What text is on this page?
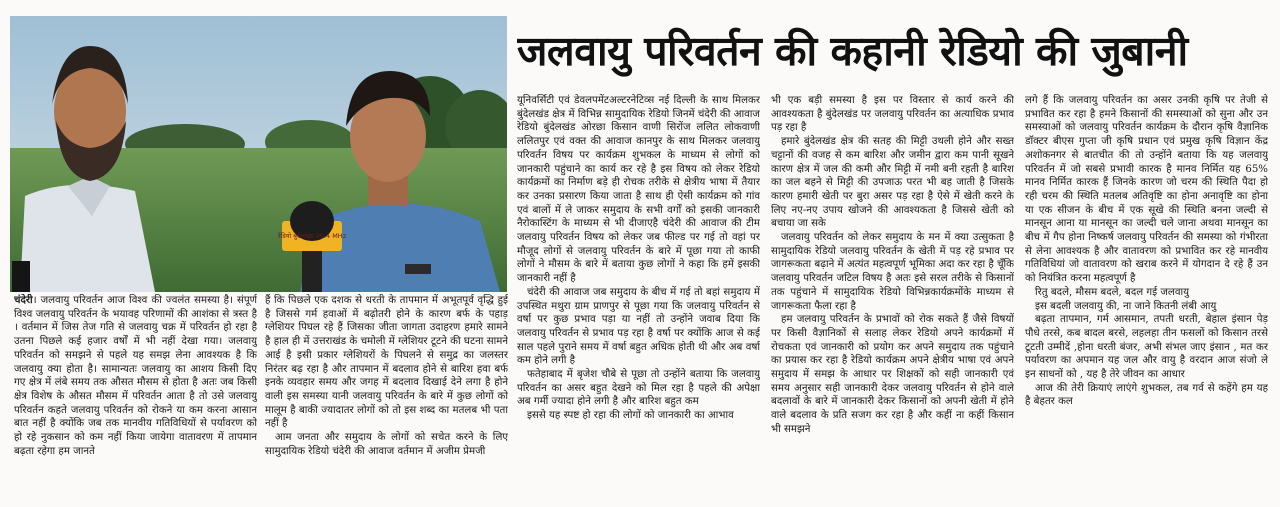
रेडियो बुंदेलखंड 90.4 MHz
जलवायु परिवर्तन की कहानी रेडियो की जुबानी

चंदेरी। जलवायु परिवर्तन आज विश्व की ज्वलंत समस्या है। संपूर्ण विश्व जलवायु परिवर्तन के भयावह परिणामों की आशंका से त्रस्त है । वर्तमान में जिस तेज गति से जलवायु चक्र में परिवर्तन हो रहा है उतना पिछले कई हजार वर्षों में भी नहीं देखा गया। जलवायु परिवर्तन को समझने से पहले यह समझ लेना आवश्यक है कि जलवायु क्या होता है। सामान्यतः जलवायु का आशय किसी दिए गए क्षेत्र में लंबे समय तक औसत मौसम से होता है अतः जब किसी क्षेत्र विशेष के औसत मौसम में परिवर्तन आता है तो उसे जलवायु परिवर्तन कहते जलवायु परिवर्तन को रोकने या कम करना आसान बात नहीं है क्योंकि जब तक मानवीय गतिविधियों से पर्यावरण को हो रहे नुकसान को कम नहीं किया जायेगा वातावरण में तापमान बढ़ता रहेगा हम जानते

हैं कि पिछले एक दशक से धरती के तापमान में अभूतपूर्व वृद्धि हुई है जिससे गर्म हवाओं में बढ़ोतरी होने के कारण बर्फ के पहाड़ ग्लेशियर पिघल रहे हैं जिसका जीता जागता उदाहरण हमारे सामने है हाल ही में उत्तराखंड के चमोली में ग्लेशियर टूटने की घटना सामने आई है इसी प्रकार ग्लेशियरों के पिघलने से समुद्र का जलस्तर निरंतर बढ़ रहा है और तापमान में बदलाव होने से बारिश हवा बर्फ इनके व्यवहार समय और जगह में बदलाव दिखाई देने लगा है होने वाली इस समस्या यानी जलवायु परिवर्तन के बारे में कुछ लोगों को मालूम है बाकी ज्यादातर लोगों को तो इस शब्द का मतलब भी पता नहीं है

आम जनता और समुदाय के लोगों को सचेत करने के लिए सामुदायिक रेडियो चंदेरी की आवाज वर्तमान में अजीम प्रेमजी

यूनिवर्सिटी एवं डेवलपमेंटअल्टरनेटिव्स नई दिल्ली के साथ मिलकर बुंदेलखंड क्षेत्र में विभिन्न सामुदायिक रेडियो जिनमें चंदेरी की आवाज रेडियो बुंदेलखंड ओरछा किसान वाणी सिरोंज ललित लोकवाणी ललितपुर एवं वक्त की आवाज कानपुर के साथ मिलकर जलवायु परिवर्तन विषय पर कार्यक्रम शुभकल के माध्यम से लोगों को जानकारी पहुंचाने का कार्य कर रहे है इस विषय को लेकर रेडियो कार्यक्रमों का निर्माण बड़े ही रोचक तरीके से क्षेत्रीय भाषा में तैयार कर उनका प्रसारण किया जाता है साथ ही ऐसी कार्यक्रम को गांव एवं बालों में ले जाकर समुदाय के सभी वर्गों को इसकी जानकारी नैरोकास्टिंग के माध्यम से भी दीजाएहै चंदेरी की आवाज की टीम जलवायु परिवर्तन विषय को लेकर जब फील्ड पर गई तो वहां पर मौजूद लोगों से जलवायु परिवर्तन के बारे में पूछा गया तो काफी लोगों ने मौसम के बारे में बताया कुछ लोगों ने कहा कि हमें इसकी जानकारी नहीं है

चंदेरी की आवाज जब समुदाय के बीच में गई तो बहां समुदाय में उपस्थित मथुरा ग्राम प्राणपुर से पूछा गया कि जलवायु परिवर्तन से वर्षा पर कुछ प्रभाव पड़ा या नहीं तो उन्होंने जवाब दिया कि जलवायु परिवर्तन से प्रभाव पड़ रहा है वर्षा पर क्योंकि आज से कई साल पहले पुराने समय में वर्षा बहुत अधिक होती थी और अब वर्षा कम होने लगी है

फतेहाबाद में बृजेश चौबे से पूछा तो उन्होंने बताया कि जलवायु परिवर्तन का असर बहुत देखने को मिल रहा है पहले की अपेक्षा अब गर्मी ज्यादा होने लगी है और बारिश बहुत कम

इससे यह स्पष्ट हो रहा की लोगों को जानकारी का आभाव

भी एक बड़ी समस्या है इस पर विस्तार से कार्य करने की आवश्यकता है बुंदेलखंड पर जलवायु परिवर्तन का अत्याधिक प्रभाव पड़ रहा है

हमारे बुंदेलखंड क्षेत्र की सतह की मिट्टी उथली होने और सख्त चट्टानों की वजह से कम बारिश और जमीन द्वारा कम पानी सूखने कारण क्षेत्र में जल की कमी और मिट्टी में नमी बनी रहती है बारिश का जल बहने से मिट्टी की उपजाऊ परत भी बह जाती है जिसके कारण हमारी खेती पर बुरा असर पड़ रहा है ऐसे में खेती करने के लिए नए-नए उपाय खोजने की आवश्यकता है जिससे खेती को बचाया जा सके

जलवायु परिवर्तन को लेकर समुदाय के मन में क्या उत्सुकता है सामुदायिक रेडियो जलवायु परिवर्तन के खेती में पड़ रहे प्रभाव पर जागरूकता बढ़ाने में अत्यंत महत्वपूर्ण भूमिका अदा कर रहा है चूँकि जलवायु परिवर्तन जटिल विषय है अतः इसे सरल तरीके से किसानों तक पहुंचाने में सामुदायिक रेडियो विभिन्नकार्यक्रमोंके माध्यम से जागरूकता फैला रहा है

हम जलवायु परिवर्तन के प्रभावों को रोक सकते हैं जैसे विषयों पर किसी वैज्ञानिकों से सलाह लेकर रेडियो अपने कार्यक्रमों में रोचकता एवं जानकारी को प्रयोग कर अपने समुदाय तक पहुंचाने का प्रयास कर रहा है रेडियो कार्यक्रम अपने क्षेत्रीय भाषा एवं अपने समुदाय में समझ के आधार पर शिक्षकों को सही जानकारी एवं समय अनुसार सही जानकारी देकर जलवायु परिवर्तन से होने वाले बदलावों के बारे में जानकारी देकर किसानों को अपनी खेती में होने वाले बदलाव के प्रति सजग कर रहा है और कहीं ना कहीं किसान भी समझने

लगे हैं कि जलवायु परिवर्तन का असर उनकी कृषि पर तेजी से प्रभावित कर रहा है हमने किसानों की समस्याओं को सुना और उन समस्याओं को जलवायु परिवर्तन कार्यक्रम के दौरान कृषि वैज्ञानिक डॉक्टर बीएस गुप्ता जी कृषि प्रधान एवं प्रमुख कृषि विज्ञान केंद्र अशोकनगर से बातचीत की तो उन्होंने बताया कि यह जलवायु परिवर्तन में जो सबसे प्रभावी कारक है मानव निर्मित यह 65% मानव निर्मित कारक हैं जिनके कारण जो चरम की स्थिति पैदा हो रही चरम की स्थिति मतलब अतिवृष्टि का होना अनावृष्टि का होना या एक सीजन के बीच में एक सूखे की स्थिति बनना जल्दी से मानसून आना या मानसून का जल्दी चले जाना अथवा मानसून का बीच में गैप होना निष्कर्ष जलवायु परिवर्तन की समस्या को गंभीरता से लेना आवश्यक है और वातावरण को प्रभावित कर रहे मानवीय गतिविधियां जो वातावरण को खराब करने में योगदान दे रहे हैं उन को नियंत्रित करना महत्वपूर्ण है

रितु बदले, मौसम बदले, बदल गई जलवायु

इस बदली जलवायु की, ना जाने कितनी लंबी आयु

बढ़ता तापमान, गर्म आसमान, तपती धरती, बेहाल इंसान पेड़ पौधे तरसे, कब बादल बरसे, लहलहा तीन फसलों को किसान तरसे टूटती उम्मीदें ,होना धरती बंजर, अभी संभल जाए इंसान , मत कर पर्यावरण का अपमान यह जल और वायु है वरदान आज संजो ले इन साधनों को , यह है तेरे जीवन का आधार

आज की तेरी क्रियाएं लाएंगे शुभकल, तब गर्व से कहेंगे हम यह है बेहतर कल
